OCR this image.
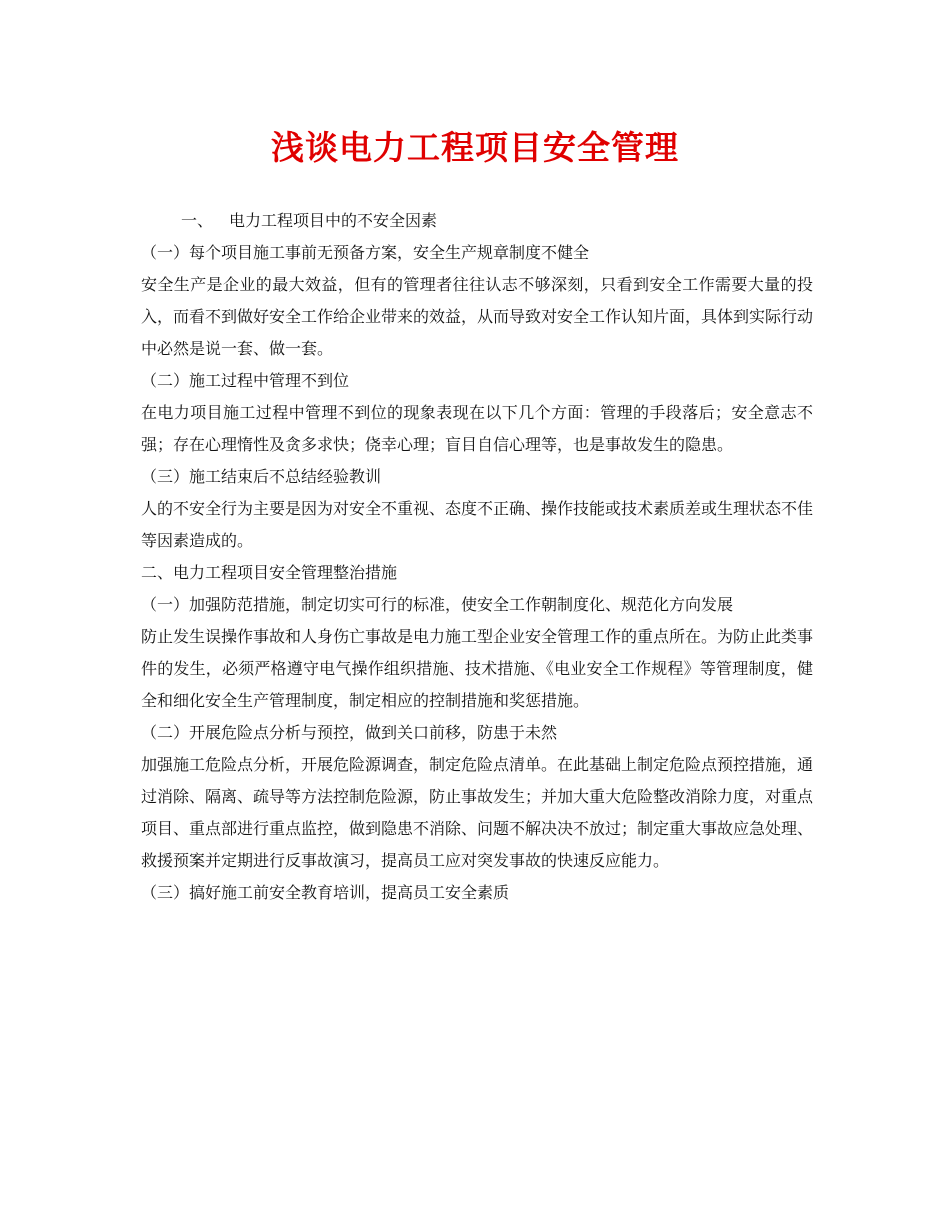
浅谈电力工程项目安全管理

一、 电力工程项目中的不安全因素

（一）每个项目施工事前无预备方案，安全生产规章制度不健全

安全生产是企业的最大效益，但有的管理者往往认志不够深刻，只看到安全工作需要大量的投入，而看不到做好安全工作给企业带来的效益，从而导致对安全工作认知片面，具体到实际行动中必然是说一套、做一套。

（二）施工过程中管理不到位

在电力项目施工过程中管理不到位的现象表现在以下几个方面：管理的手段落后；安全意志不强；存在心理惰性及贪多求快；侥幸心理；盲目自信心理等，也是事故发生的隐患。

（三）施工结束后不总结经验教训

人的不安全行为主要是因为对安全不重视、态度不正确、操作技能或技术素质差或生理状态不佳等因素造成的。

二、电力工程项目安全管理整治措施

（一）加强防范措施，制定切实可行的标准，使安全工作朝制度化、规范化方向发展

防止发生误操作事故和人身伤亡事故是电力施工型企业安全管理工作的重点所在。为防止此类事件的发生，必须严格遵守电气操作组织措施、技术措施、《电业安全工作规程》等管理制度，健全和细化安全生产管理制度，制定相应的控制措施和奖惩措施。

（二）开展危险点分析与预控，做到关口前移，防患于未然

加强施工危险点分析，开展危险源调查，制定危险点清单。在此基础上制定危险点预控措施，通过消除、隔离、疏导等方法控制危险源，防止事故发生；并加大重大危险整改消除力度，对重点项目、重点部进行重点监控，做到隐患不消除、问题不解决决不放过；制定重大事故应急处理、救援预案并定期进行反事故演习，提高员工应对突发事故的快速反应能力。

（三）搞好施工前安全教育培训，提高员工安全素质
